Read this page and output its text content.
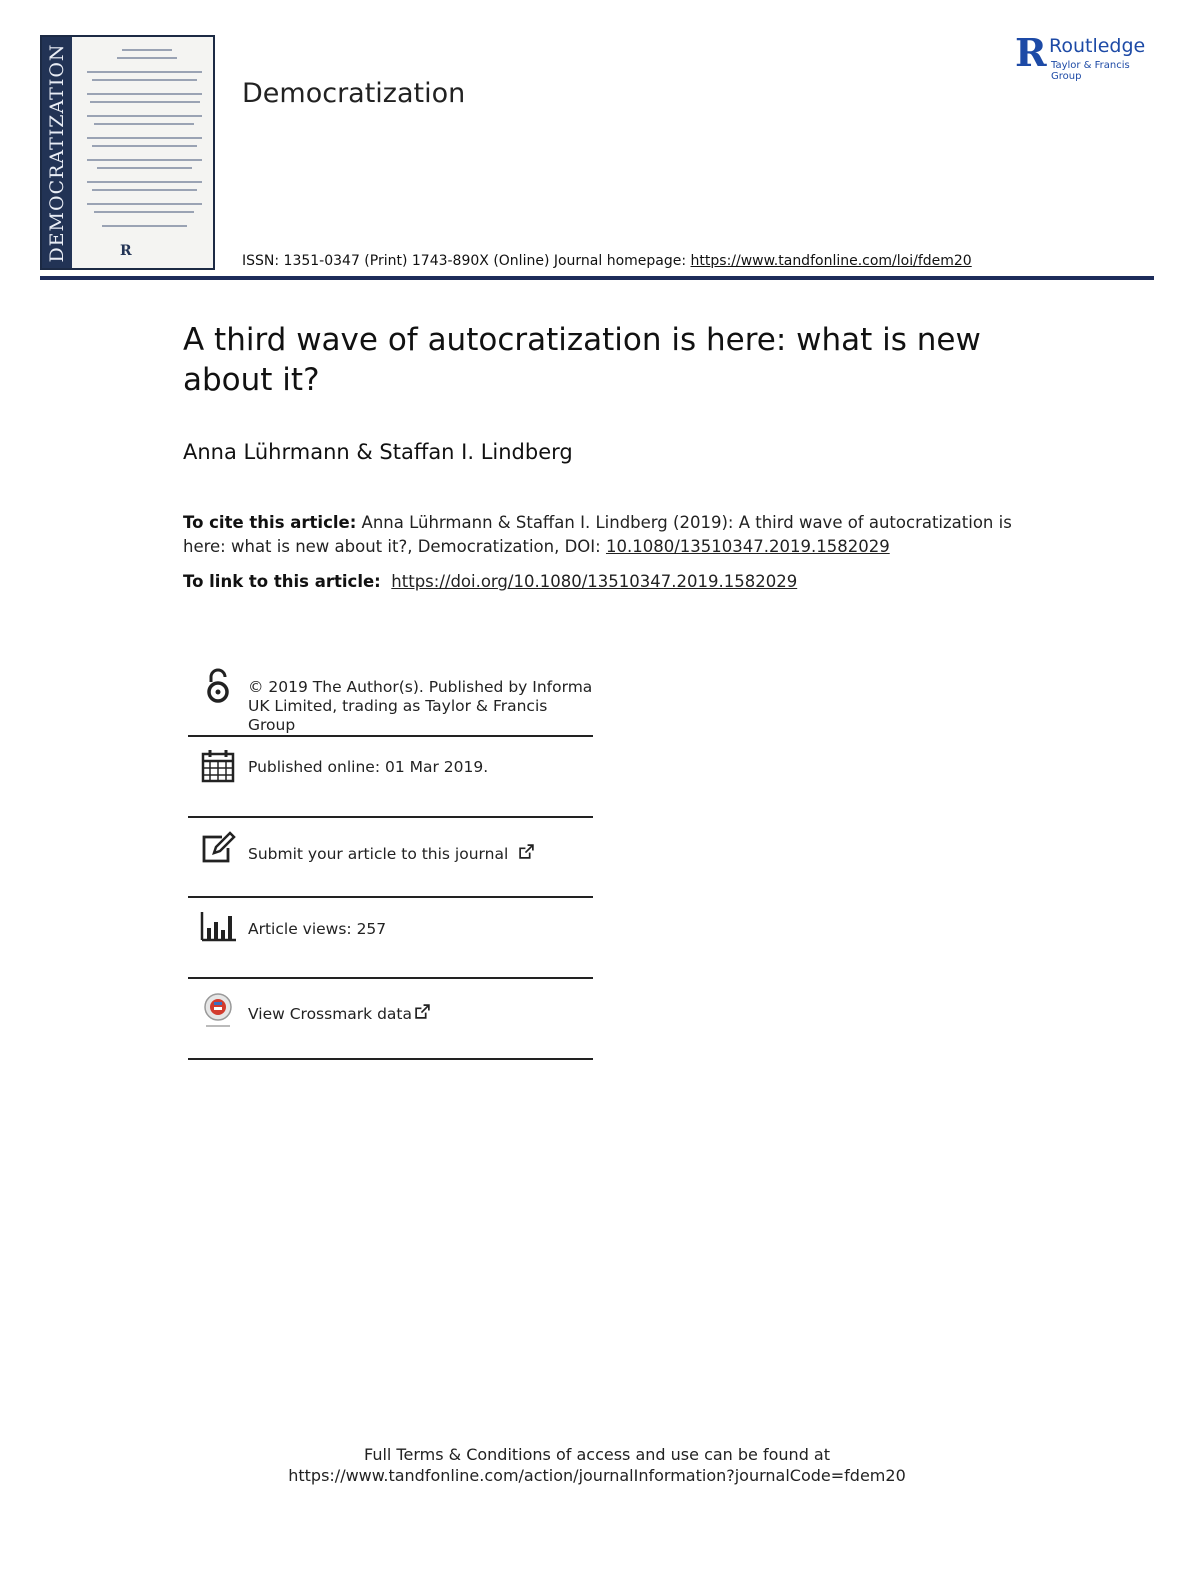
DEMOCRATIZATION	R
Democratization
ISSN: 1351-0347 (Print) 1743-890X (Online) Journal homepage: https://www.tandfonline.com/loi/fdem20
R Routledge
Taylor & Francis Group
A third wave of autocratization is here: what is new about it?
Anna Lührmann & Staffan I. Lindberg
To cite this article: Anna Lührmann & Staffan I. Lindberg (2019): A third wave of autocratization is here: what is new about it?, Democratization, DOI: 10.1080/13510347.2019.1582029
To link to this article: https://doi.org/10.1080/13510347.2019.1582029
© 2019 The Author(s). Published by Informa UK Limited, trading as Taylor & Francis Group
Published online: 01 Mar 2019.
Submit your article to this journal
Article views: 257
View Crossmark data
Full Terms & Conditions of access and use can be found at
https://www.tandfonline.com/action/journalInformation?journalCode=fdem20
